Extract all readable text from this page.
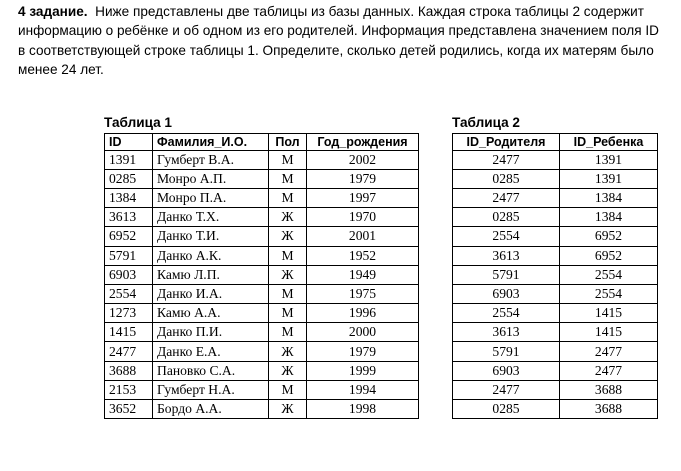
4 задание. Ниже представлены две таблицы из базы данных. Каждая строка таблицы 2 содержит информацию о ребёнке и об одном из его родителей. Информация представлена значением поля ID в соответствующей строке таблицы 1. Определите, сколько детей родились, когда их матерям было менее 24 лет.

Таблица 1	Таблица 2
ID	Фамилия_И.О.	Пол	Год_рождения
1391	Гумберт В.А.	М	2002
0285	Монро А.П.	М	1979
1384	Монро П.А.	М	1997
3613	Данко Т.Х.	Ж	1970
6952	Данко Т.И.	Ж	2001
5791	Данко А.К.	М	1952
6903	Камю Л.П.	Ж	1949
2554	Данко И.А.	М	1975
1273	Камю А.А.	М	1996
1415	Данко П.И.	М	2000
2477	Данко Е.А.	Ж	1979
3688	Пановко С.А.	Ж	1999
2153	Гумберт Н.А.	М	1994
3652	Бордо А.А.	Ж	1998
ID_Родителя	ID_Ребенка
2477	1391
0285	1391
2477	1384
0285	1384
2554	6952
3613	6952
5791	2554
6903	2554
2554	1415
3613	1415
5791	2477
6903	2477
2477	3688
0285	3688
